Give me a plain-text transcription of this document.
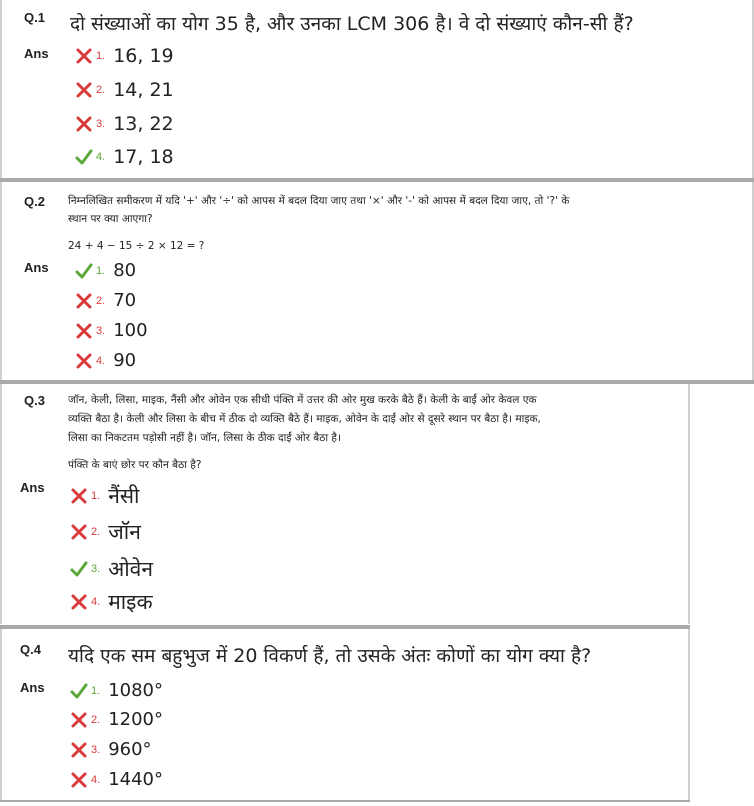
Q.1 दो संख्याओं का योग 35 है, और उनका LCM 306 है। वे दो संख्याएं कौन-सी हैं?
Ans	1. 16, 19
2. 14, 21
3. 13, 22
4. 17, 18
Q.2 निम्नलिखित समीकरण में यदि '+' और '÷' को आपस में बदल दिया जाए तथा '×' और '-' को आपस में बदल दिया जाए, तो '?' के
स्थान पर क्या आएगा?
24 + 4 − 15 ÷ 2 × 12 = ?
Ans	1. 80
2. 70
3. 100
4. 90
Q.3 जॉन, केली, लिसा, माइक, नैंसी और ओवेन एक सीधी पंक्ति में उत्तर की ओर मुख करके बैठे हैं। केली के बाईं ओर केवल एक
व्यक्ति बैठा है। केली और लिसा के बीच में ठीक दो व्यक्ति बैठे हैं। माइक, ओवेन के दाईं ओर से दूसरे स्थान पर बैठा है। माइक,
लिसा का निकटतम पड़ोसी नहीं है। जॉन, लिसा के ठीक दाईं ओर बैठा है।
पंक्ति के बाएं छोर पर कौन बैठा है?
Ans
1. नैंसी
2. जॉन
3. ओवेन
4. माइक
Q.4 यदि एक सम बहुभुज में 20 विकर्ण हैं, तो उसके अंतः कोणों का योग क्या है?
Ans	1. 1080°
2. 1200°
3. 960°
4. 1440°
